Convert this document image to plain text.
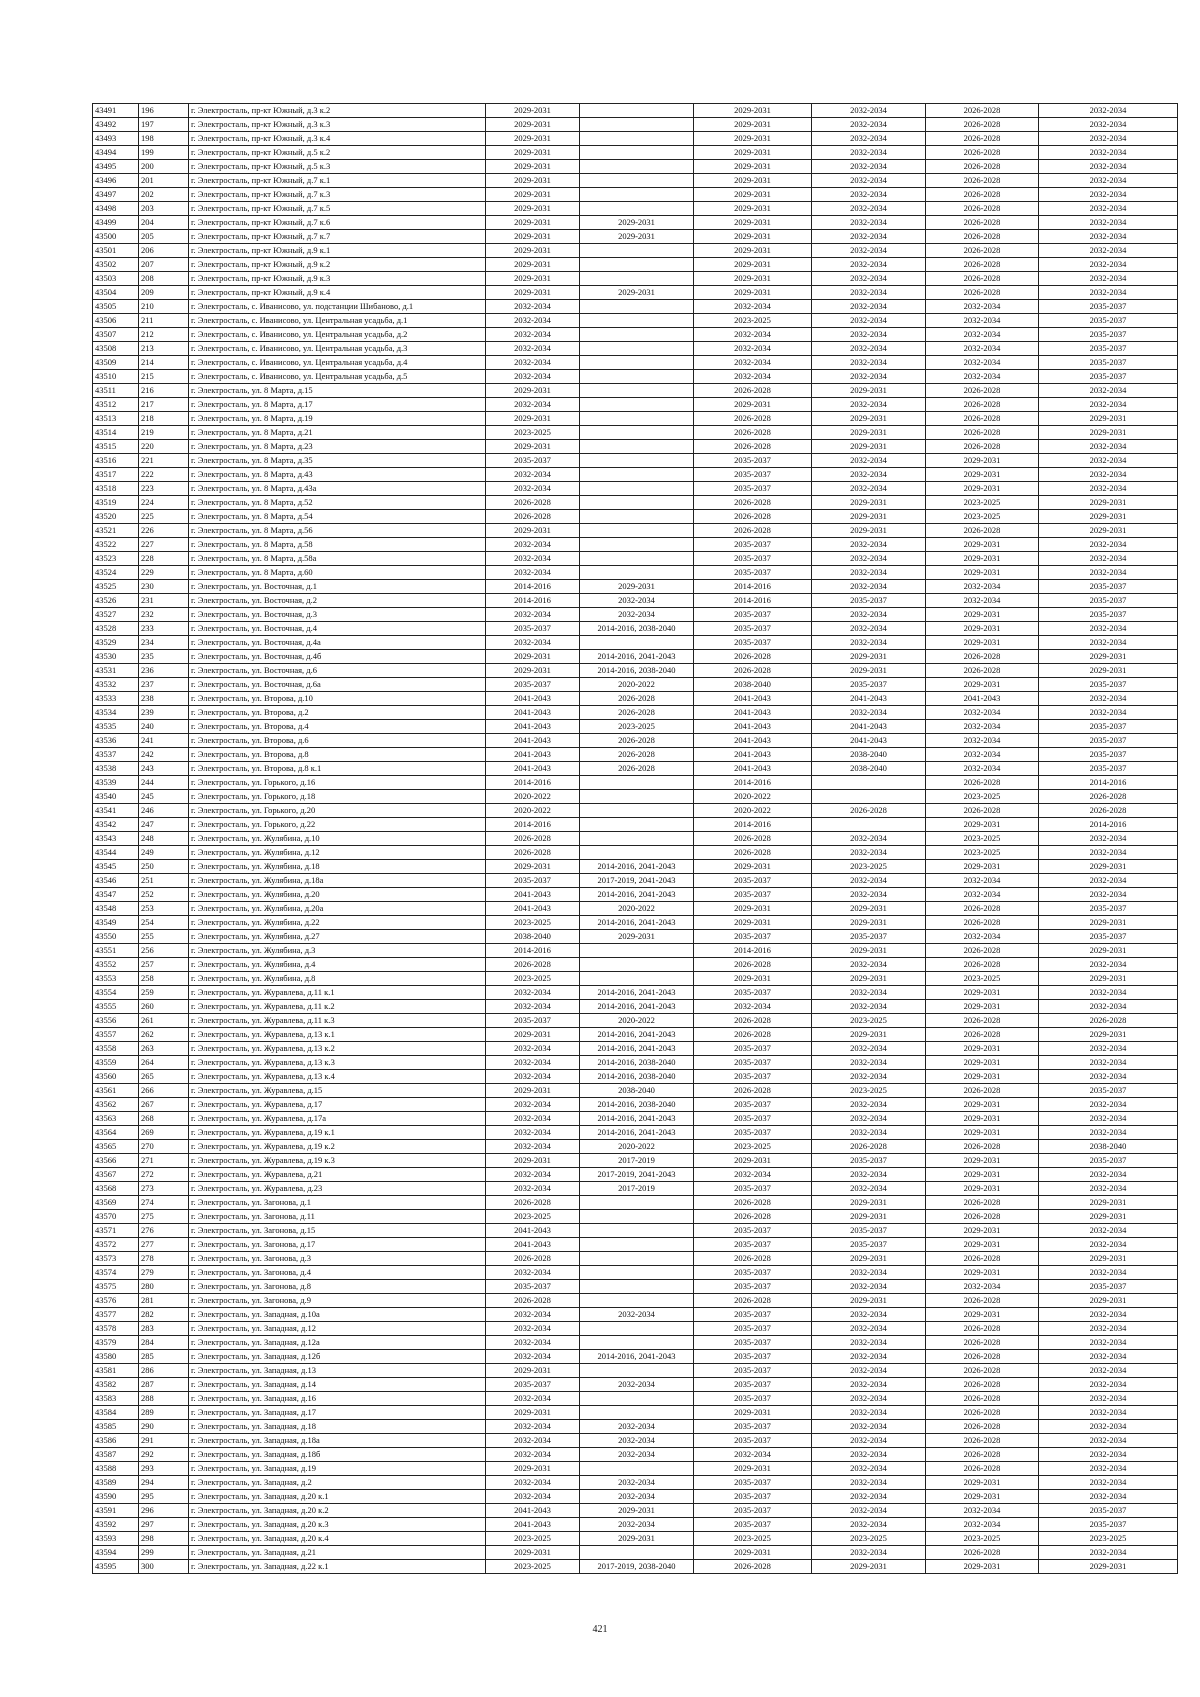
43491	196	г. Электросталь, пр-кт Южный, д.3 к.2	2029-2031		2029-2031	2032-2034	2026-2028	2032-2034
43492	197	г. Электросталь, пр-кт Южный, д.3 к.3	2029-2031		2029-2031	2032-2034	2026-2028	2032-2034
43493	198	г. Электросталь, пр-кт Южный, д.3 к.4	2029-2031		2029-2031	2032-2034	2026-2028	2032-2034
43494	199	г. Электросталь, пр-кт Южный, д.5 к.2	2029-2031		2029-2031	2032-2034	2026-2028	2032-2034
43495	200	г. Электросталь, пр-кт Южный, д.5 к.3	2029-2031		2029-2031	2032-2034	2026-2028	2032-2034
43496	201	г. Электросталь, пр-кт Южный, д.7 к.1	2029-2031		2029-2031	2032-2034	2026-2028	2032-2034
43497	202	г. Электросталь, пр-кт Южный, д.7 к.3	2029-2031		2029-2031	2032-2034	2026-2028	2032-2034
43498	203	г. Электросталь, пр-кт Южный, д.7 к.5	2029-2031		2029-2031	2032-2034	2026-2028	2032-2034
43499	204	г. Электросталь, пр-кт Южный, д.7 к.6	2029-2031	2029-2031	2029-2031	2032-2034	2026-2028	2032-2034
43500	205	г. Электросталь, пр-кт Южный, д.7 к.7	2029-2031	2029-2031	2029-2031	2032-2034	2026-2028	2032-2034
43501	206	г. Электросталь, пр-кт Южный, д.9 к.1	2029-2031		2029-2031	2032-2034	2026-2028	2032-2034
43502	207	г. Электросталь, пр-кт Южный, д.9 к.2	2029-2031		2029-2031	2032-2034	2026-2028	2032-2034
43503	208	г. Электросталь, пр-кт Южный, д.9 к.3	2029-2031		2029-2031	2032-2034	2026-2028	2032-2034
43504	209	г. Электросталь, пр-кт Южный, д.9 к.4	2029-2031	2029-2031	2029-2031	2032-2034	2026-2028	2032-2034
43505	210	г. Электросталь, с. Иванисово, ул. подстанции Шибаново, д.1	2032-2034		2032-2034	2032-2034	2032-2034	2035-2037
43506	211	г. Электросталь, с. Иванисово, ул. Центральная усадьба, д.1	2032-2034		2023-2025	2032-2034	2032-2034	2035-2037
43507	212	г. Электросталь, с. Иванисово, ул. Центральная усадьба, д.2	2032-2034		2032-2034	2032-2034	2032-2034	2035-2037
43508	213	г. Электросталь, с. Иванисово, ул. Центральная усадьба, д.3	2032-2034		2032-2034	2032-2034	2032-2034	2035-2037
43509	214	г. Электросталь, с. Иванисово, ул. Центральная усадьба, д.4	2032-2034		2032-2034	2032-2034	2032-2034	2035-2037
43510	215	г. Электросталь, с. Иванисово, ул. Центральная усадьба, д.5	2032-2034		2032-2034	2032-2034	2032-2034	2035-2037
43511	216	г. Электросталь, ул. 8 Марта, д.15	2029-2031		2026-2028	2029-2031	2026-2028	2032-2034
43512	217	г. Электросталь, ул. 8 Марта, д.17	2032-2034		2029-2031	2032-2034	2026-2028	2032-2034
43513	218	г. Электросталь, ул. 8 Марта, д.19	2029-2031		2026-2028	2029-2031	2026-2028	2029-2031
43514	219	г. Электросталь, ул. 8 Марта, д.21	2023-2025		2026-2028	2029-2031	2026-2028	2029-2031
43515	220	г. Электросталь, ул. 8 Марта, д.23	2029-2031		2026-2028	2029-2031	2026-2028	2032-2034
43516	221	г. Электросталь, ул. 8 Марта, д.35	2035-2037		2035-2037	2032-2034	2029-2031	2032-2034
43517	222	г. Электросталь, ул. 8 Марта, д.43	2032-2034		2035-2037	2032-2034	2029-2031	2032-2034
43518	223	г. Электросталь, ул. 8 Марта, д.43а	2032-2034		2035-2037	2032-2034	2029-2031	2032-2034
43519	224	г. Электросталь, ул. 8 Марта, д.52	2026-2028		2026-2028	2029-2031	2023-2025	2029-2031
43520	225	г. Электросталь, ул. 8 Марта, д.54	2026-2028		2026-2028	2029-2031	2023-2025	2029-2031
43521	226	г. Электросталь, ул. 8 Марта, д.56	2029-2031		2026-2028	2029-2031	2026-2028	2029-2031
43522	227	г. Электросталь, ул. 8 Марта, д.58	2032-2034		2035-2037	2032-2034	2029-2031	2032-2034
43523	228	г. Электросталь, ул. 8 Марта, д.58а	2032-2034		2035-2037	2032-2034	2029-2031	2032-2034
43524	229	г. Электросталь, ул. 8 Марта, д.60	2032-2034		2035-2037	2032-2034	2029-2031	2032-2034
43525	230	г. Электросталь, ул. Восточная, д.1	2014-2016	2029-2031	2014-2016	2032-2034	2032-2034	2035-2037
43526	231	г. Электросталь, ул. Восточная, д.2	2014-2016	2032-2034	2014-2016	2035-2037	2032-2034	2035-2037
43527	232	г. Электросталь, ул. Восточная, д.3	2032-2034	2032-2034	2035-2037	2032-2034	2029-2031	2035-2037
43528	233	г. Электросталь, ул. Восточная, д.4	2035-2037	2014-2016, 2038-2040	2035-2037	2032-2034	2029-2031	2032-2034
43529	234	г. Электросталь, ул. Восточная, д.4а	2032-2034		2035-2037	2032-2034	2029-2031	2032-2034
43530	235	г. Электросталь, ул. Восточная, д.4б	2029-2031	2014-2016, 2041-2043	2026-2028	2029-2031	2026-2028	2029-2031
43531	236	г. Электросталь, ул. Восточная, д.6	2029-2031	2014-2016, 2038-2040	2026-2028	2029-2031	2026-2028	2029-2031
43532	237	г. Электросталь, ул. Восточная, д.6а	2035-2037	2020-2022	2038-2040	2035-2037	2029-2031	2035-2037
43533	238	г. Электросталь, ул. Второва, д.10	2041-2043	2026-2028	2041-2043	2041-2043	2041-2043	2032-2034
43534	239	г. Электросталь, ул. Второва, д.2	2041-2043	2026-2028	2041-2043	2032-2034	2032-2034	2032-2034
43535	240	г. Электросталь, ул. Второва, д.4	2041-2043	2023-2025	2041-2043	2041-2043	2032-2034	2035-2037
43536	241	г. Электросталь, ул. Второва, д.6	2041-2043	2026-2028	2041-2043	2041-2043	2032-2034	2035-2037
43537	242	г. Электросталь, ул. Второва, д.8	2041-2043	2026-2028	2041-2043	2038-2040	2032-2034	2035-2037
43538	243	г. Электросталь, ул. Второва, д.8 к.1	2041-2043	2026-2028	2041-2043	2038-2040	2032-2034	2035-2037
43539	244	г. Электросталь, ул. Горького, д.16	2014-2016		2014-2016		2026-2028	2014-2016
43540	245	г. Электросталь, ул. Горького, д.18	2020-2022		2020-2022		2023-2025	2026-2028
43541	246	г. Электросталь, ул. Горького, д.20	2020-2022		2020-2022	2026-2028	2026-2028	2026-2028
43542	247	г. Электросталь, ул. Горького, д.22	2014-2016		2014-2016		2029-2031	2014-2016
43543	248	г. Электросталь, ул. Жулябина, д.10	2026-2028		2026-2028	2032-2034	2023-2025	2032-2034
43544	249	г. Электросталь, ул. Жулябина, д.12	2026-2028		2026-2028	2032-2034	2023-2025	2032-2034
43545	250	г. Электросталь, ул. Жулябина, д.18	2029-2031	2014-2016, 2041-2043	2029-2031	2023-2025	2029-2031	2029-2031
43546	251	г. Электросталь, ул. Жулябина, д.18а	2035-2037	2017-2019, 2041-2043	2035-2037	2032-2034	2032-2034	2032-2034
43547	252	г. Электросталь, ул. Жулябина, д.20	2041-2043	2014-2016, 2041-2043	2035-2037	2032-2034	2032-2034	2032-2034
43548	253	г. Электросталь, ул. Жулябина, д.20а	2041-2043	2020-2022	2029-2031	2029-2031	2026-2028	2035-2037
43549	254	г. Электросталь, ул. Жулябина, д.22	2023-2025	2014-2016, 2041-2043	2029-2031	2029-2031	2026-2028	2029-2031
43550	255	г. Электросталь, ул. Жулябина, д.27	2038-2040	2029-2031	2035-2037	2035-2037	2032-2034	2035-2037
43551	256	г. Электросталь, ул. Жулябина, д.3	2014-2016		2014-2016	2029-2031	2026-2028	2029-2031
43552	257	г. Электросталь, ул. Жулябина, д.4	2026-2028		2026-2028	2032-2034	2026-2028	2032-2034
43553	258	г. Электросталь, ул. Жулябина, д.8	2023-2025		2029-2031	2029-2031	2023-2025	2029-2031
43554	259	г. Электросталь, ул. Журавлева, д.11 к.1	2032-2034	2014-2016, 2041-2043	2035-2037	2032-2034	2029-2031	2032-2034
43555	260	г. Электросталь, ул. Журавлева, д.11 к.2	2032-2034	2014-2016, 2041-2043	2032-2034	2032-2034	2029-2031	2032-2034
43556	261	г. Электросталь, ул. Журавлева, д.11 к.3	2035-2037	2020-2022	2026-2028	2023-2025	2026-2028	2026-2028
43557	262	г. Электросталь, ул. Журавлева, д.13 к.1	2029-2031	2014-2016, 2041-2043	2026-2028	2029-2031	2026-2028	2029-2031
43558	263	г. Электросталь, ул. Журавлева, д.13 к.2	2032-2034	2014-2016, 2041-2043	2035-2037	2032-2034	2029-2031	2032-2034
43559	264	г. Электросталь, ул. Журавлева, д.13 к.3	2032-2034	2014-2016, 2038-2040	2035-2037	2032-2034	2029-2031	2032-2034
43560	265	г. Электросталь, ул. Журавлева, д.13 к.4	2032-2034	2014-2016, 2038-2040	2035-2037	2032-2034	2029-2031	2032-2034
43561	266	г. Электросталь, ул. Журавлева, д.15	2029-2031	2038-2040	2026-2028	2023-2025	2026-2028	2035-2037
43562	267	г. Электросталь, ул. Журавлева, д.17	2032-2034	2014-2016, 2038-2040	2035-2037	2032-2034	2029-2031	2032-2034
43563	268	г. Электросталь, ул. Журавлева, д.17а	2032-2034	2014-2016, 2041-2043	2035-2037	2032-2034	2029-2031	2032-2034
43564	269	г. Электросталь, ул. Журавлева, д.19 к.1	2032-2034	2014-2016, 2041-2043	2035-2037	2032-2034	2029-2031	2032-2034
43565	270	г. Электросталь, ул. Журавлева, д.19 к.2	2032-2034	2020-2022	2023-2025	2026-2028	2026-2028	2038-2040
43566	271	г. Электросталь, ул. Журавлева, д.19 к.3	2029-2031	2017-2019	2029-2031	2035-2037	2029-2031	2035-2037
43567	272	г. Электросталь, ул. Журавлева, д.21	2032-2034	2017-2019, 2041-2043	2032-2034	2032-2034	2029-2031	2032-2034
43568	273	г. Электросталь, ул. Журавлева, д.23	2032-2034	2017-2019	2035-2037	2032-2034	2029-2031	2032-2034
43569	274	г. Электросталь, ул. Загонова, д.1	2026-2028		2026-2028	2029-2031	2026-2028	2029-2031
43570	275	г. Электросталь, ул. Загонова, д.11	2023-2025		2026-2028	2029-2031	2026-2028	2029-2031
43571	276	г. Электросталь, ул. Загонова, д.15	2041-2043		2035-2037	2035-2037	2029-2031	2032-2034
43572	277	г. Электросталь, ул. Загонова, д.17	2041-2043		2035-2037	2035-2037	2029-2031	2032-2034
43573	278	г. Электросталь, ул. Загонова, д.3	2026-2028		2026-2028	2029-2031	2026-2028	2029-2031
43574	279	г. Электросталь, ул. Загонова, д.4	2032-2034		2035-2037	2032-2034	2029-2031	2032-2034
43575	280	г. Электросталь, ул. Загонова, д.8	2035-2037		2035-2037	2032-2034	2032-2034	2035-2037
43576	281	г. Электросталь, ул. Загонова, д.9	2026-2028		2026-2028	2029-2031	2026-2028	2029-2031
43577	282	г. Электросталь, ул. Западная, д.10а	2032-2034	2032-2034	2035-2037	2032-2034	2029-2031	2032-2034
43578	283	г. Электросталь, ул. Западная, д.12	2032-2034		2035-2037	2032-2034	2026-2028	2032-2034
43579	284	г. Электросталь, ул. Западная, д.12а	2032-2034		2035-2037	2032-2034	2026-2028	2032-2034
43580	285	г. Электросталь, ул. Западная, д.12б	2032-2034	2014-2016, 2041-2043	2035-2037	2032-2034	2026-2028	2032-2034
43581	286	г. Электросталь, ул. Западная, д.13	2029-2031		2035-2037	2032-2034	2026-2028	2032-2034
43582	287	г. Электросталь, ул. Западная, д.14	2035-2037	2032-2034	2035-2037	2032-2034	2026-2028	2032-2034
43583	288	г. Электросталь, ул. Западная, д.16	2032-2034		2035-2037	2032-2034	2026-2028	2032-2034
43584	289	г. Электросталь, ул. Западная, д.17	2029-2031		2029-2031	2032-2034	2026-2028	2032-2034
43585	290	г. Электросталь, ул. Западная, д.18	2032-2034	2032-2034	2035-2037	2032-2034	2026-2028	2032-2034
43586	291	г. Электросталь, ул. Западная, д.18а	2032-2034	2032-2034	2035-2037	2032-2034	2026-2028	2032-2034
43587	292	г. Электросталь, ул. Западная, д.18б	2032-2034	2032-2034	2032-2034	2032-2034	2026-2028	2032-2034
43588	293	г. Электросталь, ул. Западная, д.19	2029-2031		2029-2031	2032-2034	2026-2028	2032-2034
43589	294	г. Электросталь, ул. Западная, д.2	2032-2034	2032-2034	2035-2037	2032-2034	2029-2031	2032-2034
43590	295	г. Электросталь, ул. Западная, д.20 к.1	2032-2034	2032-2034	2035-2037	2032-2034	2029-2031	2032-2034
43591	296	г. Электросталь, ул. Западная, д.20 к.2	2041-2043	2029-2031	2035-2037	2032-2034	2032-2034	2035-2037
43592	297	г. Электросталь, ул. Западная, д.20 к.3	2041-2043	2032-2034	2035-2037	2032-2034	2032-2034	2035-2037
43593	298	г. Электросталь, ул. Западная, д.20 к.4	2023-2025	2029-2031	2023-2025	2023-2025	2023-2025	2023-2025
43594	299	г. Электросталь, ул. Западная, д.21	2029-2031		2029-2031	2032-2034	2026-2028	2032-2034
43595	300	г. Электросталь, ул. Западная, д.22 к.1	2023-2025	2017-2019, 2038-2040	2026-2028	2029-2031	2029-2031	2029-2031
421
